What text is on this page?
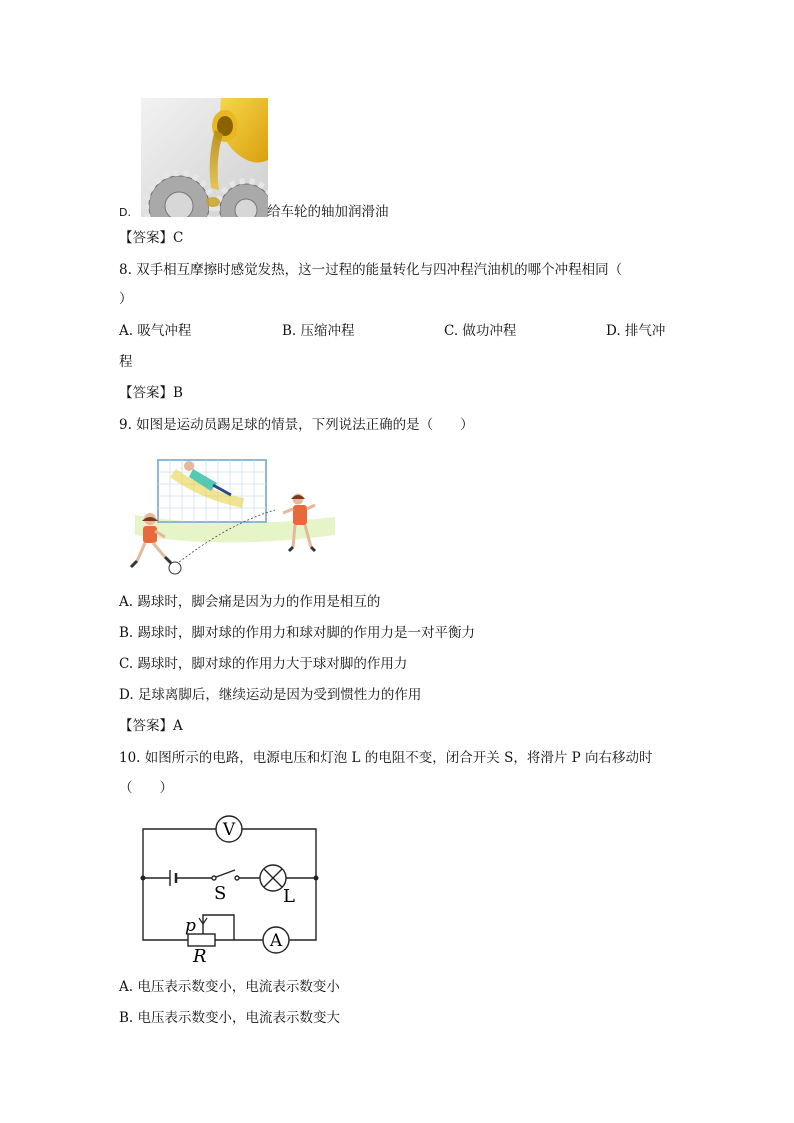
D.	给车轮的轴加润滑油
【答案】C
8. 双手相互摩擦时感觉发热，这一过程的能量转化与四冲程汽油机的哪个冲程相同（
）
A. 吸气冲程	B. 压缩冲程	C. 做功冲程	D. 排气冲
程
【答案】B
9. 如图是运动员踢足球的情景，下列说法正确的是（　　）
A. 踢球时，脚会痛是因为力的作用是相互的
B. 踢球时，脚对球的作用力和球对脚的作用力是一对平衡力
C. 踢球时，脚对球的作用力大于球对脚的作用力
D. 足球离脚后，继续运动是因为受到惯性力的作用
【答案】A
10. 如图所示的电路，电源电压和灯泡 L 的电阻不变，闭合开关 S，将滑片 P 向右移动时
（　　）
V
A
S	L
p
R
A. 电压表示数变小，电流表示数变小
B. 电压表示数变小，电流表示数变大
